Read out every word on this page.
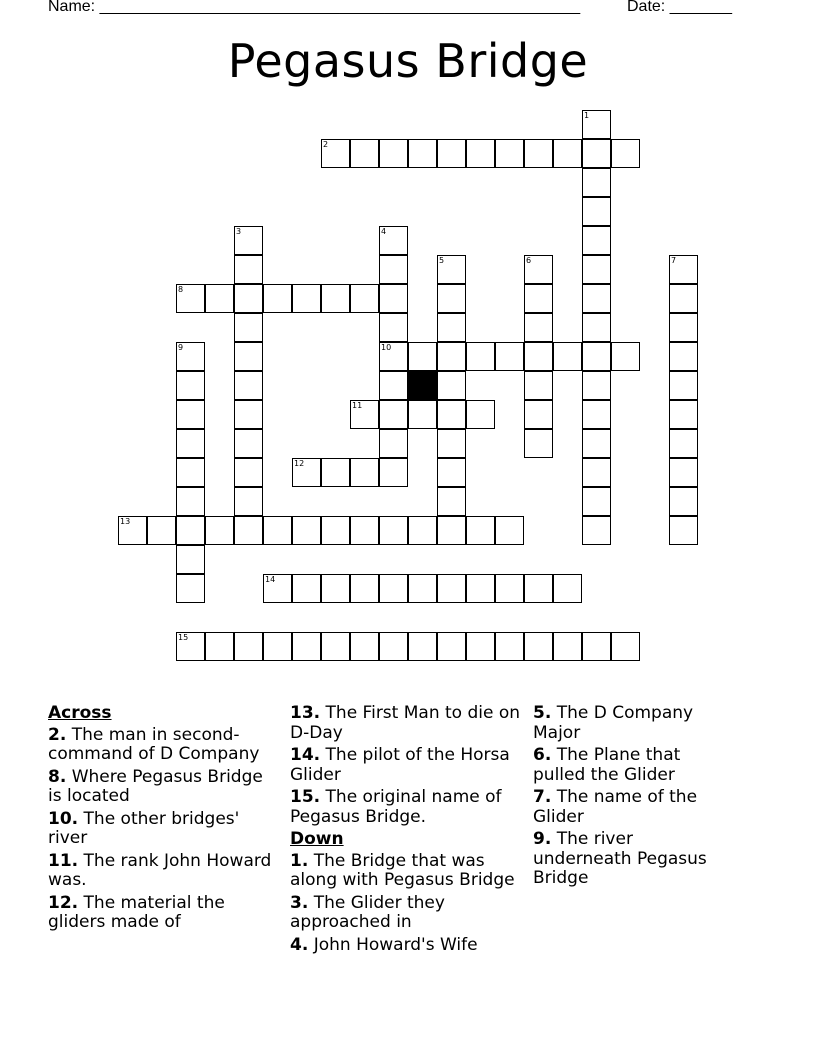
Name: ______________________________________________________	Date: _______
Pegasus Bridge
1
2
3	4
10
5	6	7
8
9
11
12
13
14
15
Across
2. The man in second-command of D Company
8. Where Pegasus Bridge is located
10. The other bridges' river
11. The rank John Howard was.
12. The material the gliders made of
13. The First Man to die on D-Day
14. The pilot of the Horsa Glider
15. The original name of Pegasus Bridge.
Down
1. The Bridge that was along with Pegasus Bridge
3. The Glider they approached in
4. John Howard's Wife
5. The D Company Major
6. The Plane that pulled the Glider
7. The name of the Glider
9. The river underneath Pegasus Bridge
